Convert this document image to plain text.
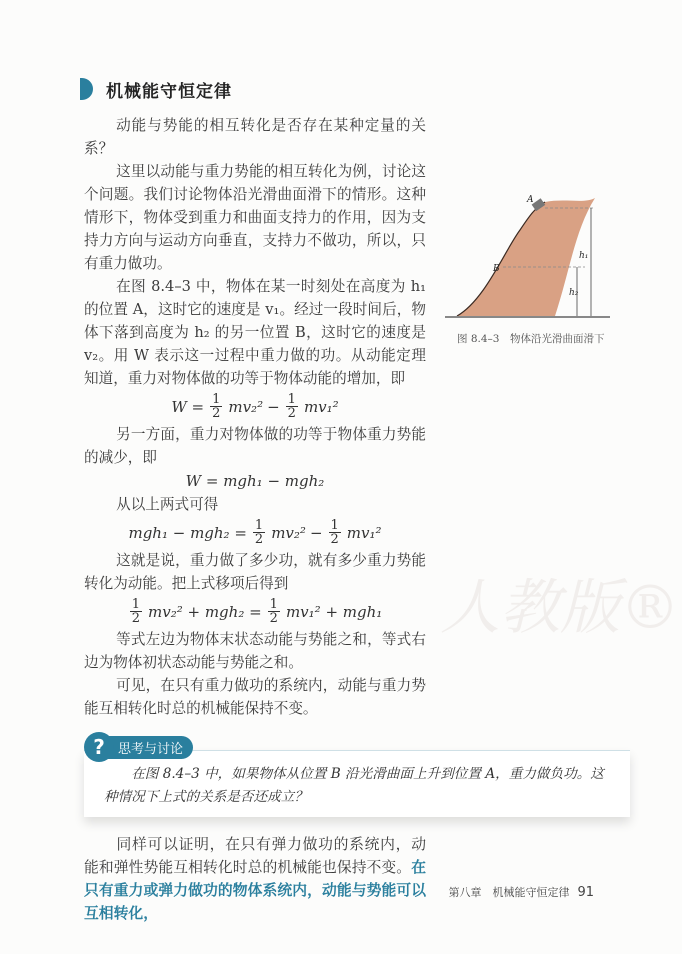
人教版®
机械能守恒定律

动能与势能的相互转化是否存在某种定量的关系？

这里以动能与重力势能的相互转化为例，讨论这个问题。我们讨论物体沿光滑曲面滑下的情形。这种情形下，物体受到重力和曲面支持力的作用，因为支持力方向与运动方向垂直，支持力不做功，所以，只有重力做功。

在图 8.4–3 中，物体在某一时刻处在高度为 h₁ 的位置 A，这时它的速度是 v₁。经过一段时间后，物体下落到高度为 h₂ 的另一位置 B，这时它的速度是 v₂。用 W 表示这一过程中重力做的功。从动能定理知道，重力对物体做的功等于物体动能的增加，即

$W = \frac{1}{2} mv_2^2 - \frac{1}{2} mv_1^2$

另一方面，重力对物体做的功等于物体重力势能的减少，即

W = mgh₁ − mgh₂

从以上两式可得

$mgh_1 - mgh_2 = \frac{1}{2} mv_2^2 - \frac{1}{2} mv_1^2$

这就是说，重力做了多少功，就有多少重力势能转化为动能。把上式移项后得到

$\frac{1}{2} mv_2^2 + mgh_2 = \frac{1}{2} mv_1^2 + mgh_1$

等式左边为物体末状态动能与势能之和，等式右边为物体初状态动能与势能之和。

可见，在只有重力做功的系统内，动能与重力势能互相转化时总的机械能保持不变。

?	思考与讨论
在图 8.4–3 中，如果物体从位置 B 沿光滑曲面上升到位置 A，重力做负功。这种情况下上式的关系是否还成立？

同样可以证明，在只有弹力做功的系统内，动能和弹性势能互相转化时总的机械能也保持不变。在只有重力或弹力做功的物体系统内，动能与势能可以互相转化，

A
B
h₁
h₂
图 8.4–3　物体沿光滑曲面滑下
第八章　机械能守恒定律 91
